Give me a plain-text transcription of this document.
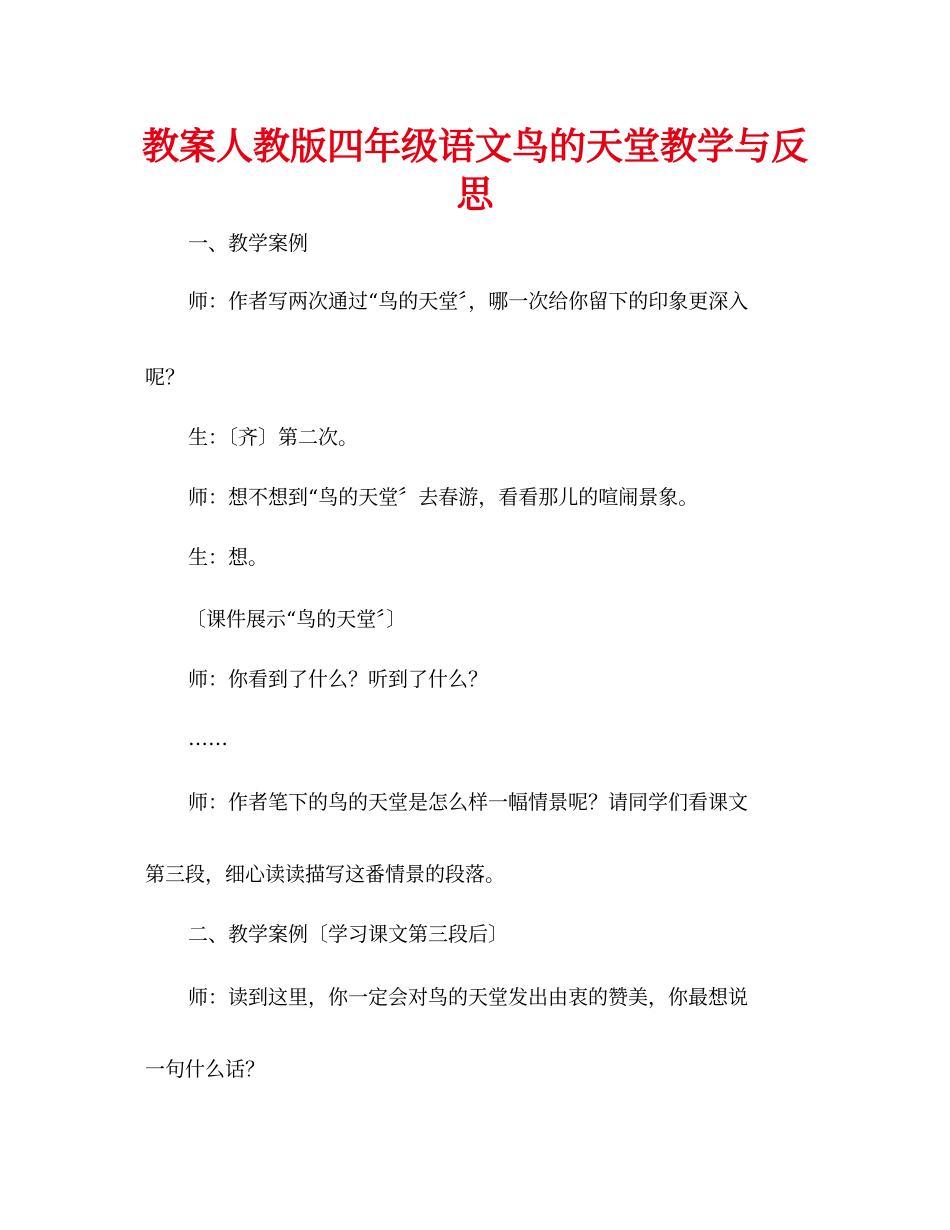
教案人教版四年级语文鸟的天堂教学与反
思
一、教学案例
师：作者写两次通过“鸟的天堂〞，哪一次给你留下的印象更深入
呢？
生：〔齐〕第二次。
师：想不想到“鸟的天堂〞去春游，看看那儿的喧闹景象。
生：想。
〔课件展示“鸟的天堂〞〕
师：你看到了什么？听到了什么？
……
师：作者笔下的鸟的天堂是怎么样一幅情景呢？请同学们看课文
第三段，细心读读描写这番情景的段落。
二、教学案例〔学习课文第三段后〕
师：读到这里，你一定会对鸟的天堂发出由衷的赞美，你最想说
一句什么话？
